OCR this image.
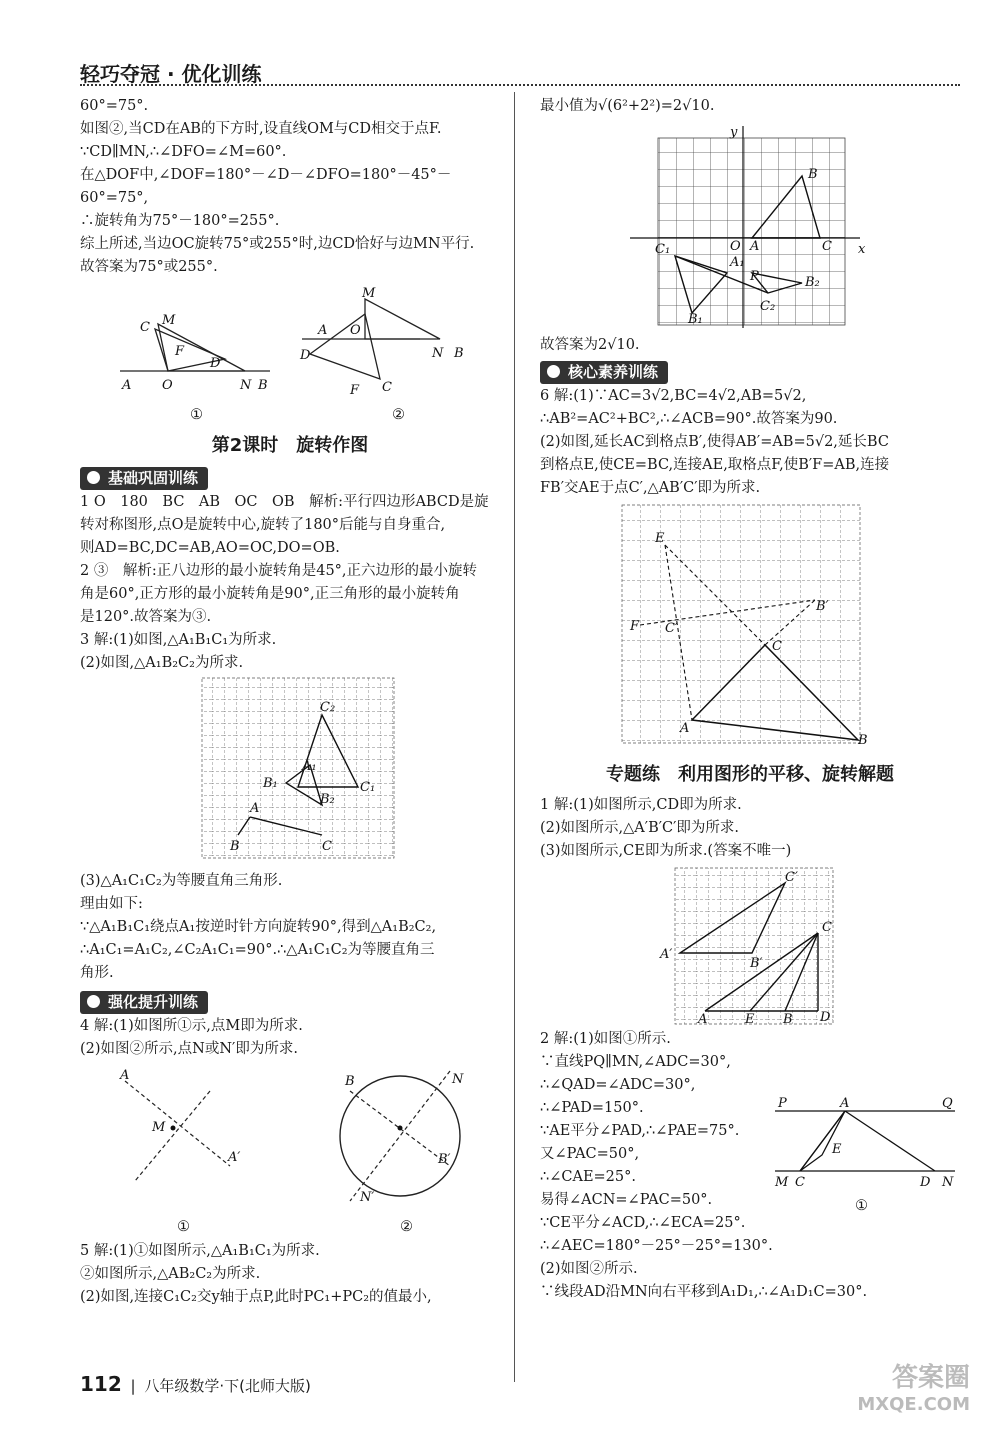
轻巧夺冠 · 优化训练

60°=75°.

如图②,当CD在AB的下方时,设直线OM与CD相交于点F.

∵CD∥MN,∴∠DFO=∠M=60°.

在△DOF中,∠DOF=180°－∠D－∠DFO=180°－45°－

60°=75°,

∴旋转角为75°－180°=255°.

综上所述,当边OC旋转75°或255°时,边CD恰好与边MN平行.

故答案为75°或255°.

C M
F
D
A O	N B
M
A O
D	N B
F C
①	②
第2课时　旋转作图
基础巩固训练

1 O　180　BC　AB　OC　OB　解析:平行四边形ABCD是旋

转对称图形,点O是旋转中心,旋转了180°后能与自身重合,

则AD=BC,DC=AB,AO=OC,DO=OB.

2 ③　解析:正八边形的最小旋转角是45°,正六边形的最小旋转

角是60°,正方形的最小旋转角是90°,正三角形的最小旋转角

是120°.故答案为③.

3 解:(1)如图,△A₁B₁C₁为所求.

(2)如图,△A₁B₂C₂为所求.

C₂
A₁
B₁
B₂
C₁
A
B	C

(3)△A₁C₁C₂为等腰直角三角形.

理由如下:

∵△A₁B₁C₁绕点A₁按逆时针方向旋转90°,得到△A₁B₂C₂,

∴A₁C₁=A₁C₂,∠C₂A₁C₁=90°.∴△A₁C₁C₂为等腰直角三

角形.

强化提升训练

4 解:(1)如图所①示,点M即为所求.

(2)如图②所示,点N或N′即为所求.

A
M
A′
B	N
B′
N′
①	②

5 解:(1)①如图所示,△A₁B₁C₁为所求.

②如图所示,△AB₂C₂为所求.

(2)如图,连接C₁C₂交y轴于点P,此时PC₁+PC₂的值最小,

最小值为√(6²+2²)=2√10.

y
x
B
A	C
O
C₁
A₁
P	B₂
C₂
B₁

故答案为2√10.

核心素养训练

6 解:(1)∵AC=3√2,BC=4√2,AB=5√2,

∴AB²=AC²+BC²,∴∠ACB=90°.故答案为90.

(2)如图,延长AC到格点B′,使得AB′=AB=5√2,延长BC

到格点E,使CE=BC,连接AE,取格点F,使B′F=AB,连接

FB′交AE于点C′,△AB′C′即为所求.

E
B′
F C′
C
A
B
专题练　利用图形的平移、旋转解题

1 解:(1)如图所示,CD即为所求.

(2)如图所示,△A′B′C′即为所求.

(3)如图所示,CE即为所求.(答案不唯一)

C′
C
A′
B′
A	E B D

2 解:(1)如图①所示.

∵直线PQ∥MN,∠ADC=30°,

∴∠QAD=∠ADC=30°,

∴∠PAD=150°.

∵AE平分∠PAD,∴∠PAE=75°.

又∠PAC=50°,

∴∠CAE=25°.

易得∠ACN=∠PAC=50°.

∵CE平分∠ACD,∴∠ECA=25°.

∴∠AEC=180°－25°－25°=130°.

(2)如图②所示.

∵线段AD沿MN向右平移到A₁D₁,∴∠A₁D₁C=30°.

P	A	Q
E
M C	D N
①
112 | 八年级数学·下(北师大版)	答案圈
MXQE.COM
